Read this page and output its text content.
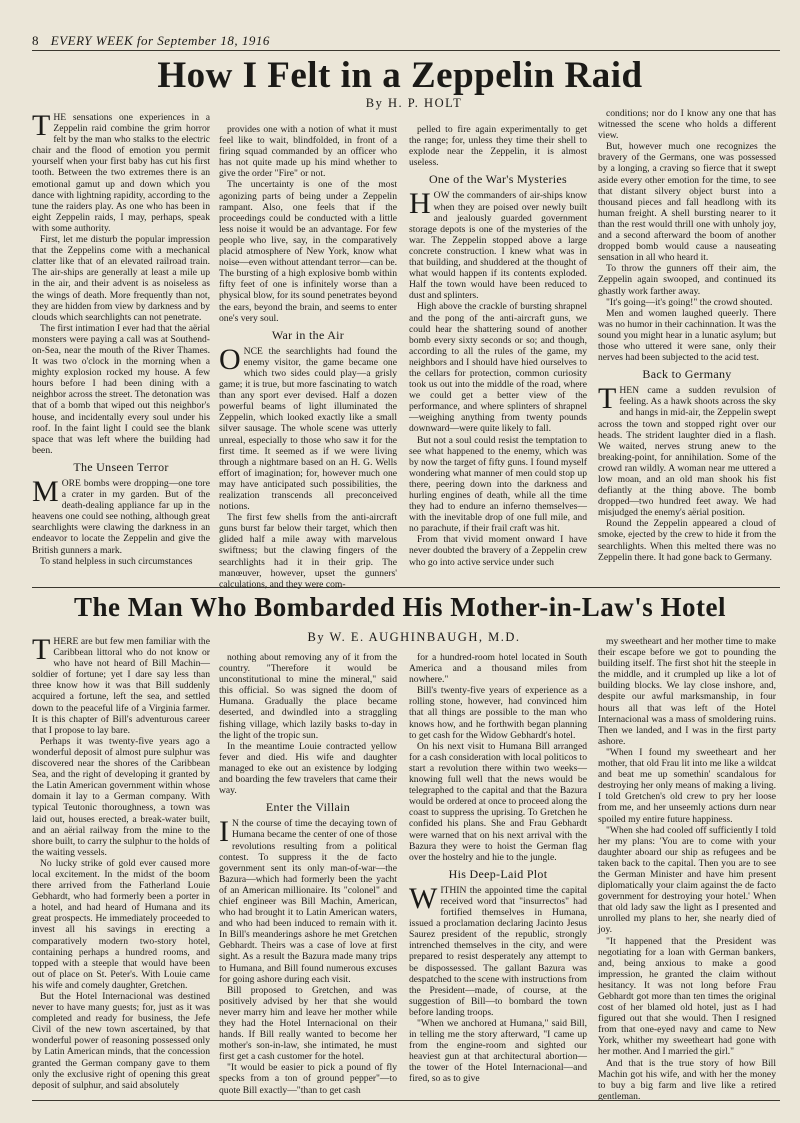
8 EVERY WEEK for September 18, 1916
How I Felt in a Zeppelin Raid
By H. P. HOLT

THE sensations one experiences in a Zeppelin raid combine the grim horror felt by the man who stalks to the electric chair and the flood of emotion you permit yourself when your first baby has cut his first tooth. Between the two extremes there is an emotional gamut up and down which you dance with lightning rapidity, according to the tune the raiders play. As one who has been in eight Zeppelin raids, I may, perhaps, speak with some authority.

First, let me disturb the popular impression that the Zeppelins come with a mechanical clatter like that of an elevated railroad train. The air-ships are generally at least a mile up in the air, and their advent is as noiseless as the wings of death. More frequently than not, they are hidden from view by darkness and by clouds which searchlights can not penetrate.

The first intimation I ever had that the aërial monsters were paying a call was at Southend-on-Sea, near the mouth of the River Thames. It was two o'clock in the morning when a mighty explosion rocked my house. A few hours before I had been dining with a neighbor across the street. The detonation was that of a bomb that wiped out this neighbor's house, and incidentally every soul under his roof. In the faint light I could see the blank space that was left where the building had been.

The Unseen Terror

MORE bombs were dropping—one tore a crater in my garden. But of the death-dealing appliance far up in the heavens one could see nothing, although great searchlights were clawing the darkness in an endeavor to locate the Zeppelin and give the British gunners a mark.

To stand helpless in such circumstances

provides one with a notion of what it must feel like to wait, blindfolded, in front of a firing squad commanded by an officer who has not quite made up his mind whether to give the order "Fire" or not.

The uncertainty is one of the most agonizing parts of being under a Zeppelin rampant. Also, one feels that if the proceedings could be conducted with a little less noise it would be an advantage. For few people who live, say, in the comparatively placid atmosphere of New York, know what noise—even without attendant terror—can be. The bursting of a high explosive bomb within fifty feet of one is infinitely worse than a physical blow, for its sound penetrates beyond the ears, beyond the brain, and seems to enter one's very soul.

War in the Air

ONCE the searchlights had found the enemy visitor, the game became one which two sides could play—a grisly game; it is true, but more fascinating to watch than any sport ever devised. Half a dozen powerful beams of light illuminated the Zeppelin, which looked exactly like a small silver sausage. The whole scene was utterly unreal, especially to those who saw it for the first time. It seemed as if we were living through a nightmare based on an H. G. Wells effort of imagination; for, however much one may have anticipated such possibilities, the realization transcends all preconceived notions.

The first few shells from the anti-aircraft guns burst far below their target, which then glided half a mile away with marvelous swiftness; but the clawing fingers of the searchlights had it in their grip. The manœuver, however, upset the gunners' calculations, and they were com-

pelled to fire again experimentally to get the range; for, unless they time their shell to explode near the Zeppelin, it is almost useless.

One of the War's Mysteries

HOW the commanders of air-ships know when they are poised over newly built and jealously guarded government storage depots is one of the mysteries of the war. The Zeppelin stopped above a large concrete construction. I knew what was in that building, and shuddered at the thought of what would happen if its contents exploded. Half the town would have been reduced to dust and splinters.

High above the crackle of bursting shrapnel and the pong of the anti-aircraft guns, we could hear the shattering sound of another bomb every sixty seconds or so; and though, according to all the rules of the game, my neighbors and I should have hied ourselves to the cellars for protection, common curiosity took us out into the middle of the road, where we could get a better view of the performance, and where splinters of shrapnel—weighing anything from twenty pounds downward—were quite likely to fall.

But not a soul could resist the temptation to see what happened to the enemy, which was by now the target of fifty guns. I found myself wondering what manner of men could stop up there, peering down into the darkness and hurling engines of death, while all the time they had to endure an inferno themselves—with the inevitable drop of one full mile, and no parachute, if their frail craft was hit.

From that vivid moment onward I have never doubted the bravery of a Zeppelin crew who go into active service under such

conditions; nor do I know any one that has witnessed the scene who holds a different view.

But, however much one recognizes the bravery of the Germans, one was possessed by a longing, a craving so fierce that it swept aside every other emotion for the time, to see that distant silvery object burst into a thousand pieces and fall headlong with its human freight. A shell bursting nearer to it than the rest would thrill one with unholy joy, and a second afterward the boom of another dropped bomb would cause a nauseating sensation in all who heard it.

To throw the gunners off their aim, the Zeppelin again swooped, and continued its ghastly work farther away.

"It's going—it's going!" the crowd shouted.

Men and women laughed queerly. There was no humor in their cachinnation. It was the sound you might hear in a lunatic asylum; but those who uttered it were sane, only their nerves had been subjected to the acid test.

Back to Germany

THEN came a sudden revulsion of feeling. As a hawk shoots across the sky and hangs in mid-air, the Zeppelin swept across the town and stopped right over our heads. The strident laughter died in a flash. We waited, nerves strung anew to the breaking-point, for annihilation. Some of the crowd ran wildly. A woman near me uttered a low moan, and an old man shook his fist defiantly at the thing above. The bomb dropped—two hundred feet away. We had misjudged the enemy's aërial position.

Round the Zeppelin appeared a cloud of smoke, ejected by the crew to hide it from the searchlights. When this melted there was no Zeppelin there. It had gone back to Germany.

The Man Who Bombarded His Mother-in-Law's Hotel
By W. E. AUGHINBAUGH, M.D.

THERE are but few men familiar with the Caribbean littoral who do not know or who have not heard of Bill Machin—soldier of fortune; yet I dare say less than three know how it was that Bill suddenly acquired a fortune, left the sea, and settled down to the peaceful life of a Virginia farmer. It is this chapter of Bill's adventurous career that I propose to lay bare.

Perhaps it was twenty-five years ago a wonderful deposit of almost pure sulphur was discovered near the shores of the Caribbean Sea, and the right of developing it granted by the Latin American government within whose domain it lay to a German company. With typical Teutonic thoroughness, a town was laid out, houses erected, a break-water built, and an aërial railway from the mine to the shore built, to carry the sulphur to the holds of the waiting vessels.

No lucky strike of gold ever caused more local excitement. In the midst of the boom there arrived from the Fatherland Louie Gebhardt, who had formerly been a porter in a hotel, and had heard of Humana and its great prospects. He immediately proceeded to invest all his savings in erecting a comparatively modern two-story hotel, containing perhaps a hundred rooms, and topped with a steeple that would have been out of place on St. Peter's. With Louie came his wife and comely daughter, Gretchen.

But the Hotel Internacional was destined never to have many guests; for, just as it was completed and ready for business, the Jefe Civil of the new town ascertained, by that wonderful power of reasoning possessed only by Latin American minds, that the concession granted the German company gave to them only the exclusive right of opening this great deposit of sulphur, and said absolutely

nothing about removing any of it from the country. "Therefore it would be unconstitutional to mine the mineral," said this official. So was signed the doom of Humana. Gradually the place became deserted, and dwindled into a straggling fishing village, which lazily basks to-day in the light of the tropic sun.

In the meantime Louie contracted yellow fever and died. His wife and daughter managed to eke out an existence by lodging and boarding the few travelers that came their way.

Enter the Villain

IN the course of time the decaying town of Humana became the center of one of those revolutions resulting from a political contest. To suppress it the de facto government sent its only man-of-war—the Bazura—which had formerly been the yacht of an American millionaire. Its "colonel" and chief engineer was Bill Machin, American, who had brought it to Latin American waters, and who had been induced to remain with it. In Bill's meanderings ashore he met Gretchen Gebhardt. Theirs was a case of love at first sight. As a result the Bazura made many trips to Humana, and Bill found numerous excuses for going ashore during each visit.

Bill proposed to Gretchen, and was positively advised by her that she would never marry him and leave her mother while they had the Hotel Internacional on their hands. If Bill really wanted to become her mother's son-in-law, she intimated, he must first get a cash customer for the hotel.

"It would be easier to pick a pound of fly specks from a ton of ground pepper"—to quote Bill exactly—"than to get cash

for a hundred-room hotel located in South America and a thousand miles from nowhere."

Bill's twenty-five years of experience as a rolling stone, however, had convinced him that all things are possible to the man who knows how, and he forthwith began planning to get cash for the Widow Gebhardt's hotel.

On his next visit to Humana Bill arranged for a cash consideration with local politicos to start a revolution there within two weeks—knowing full well that the news would be telegraphed to the capital and that the Bazura would be ordered at once to proceed along the coast to suppress the uprising. To Gretchen he confided his plans. She and Frau Gebhardt were warned that on his next arrival with the Bazura they were to hoist the German flag over the hostelry and hie to the jungle.

His Deep-Laid Plot

WITHIN the appointed time the capital received word that "insurrectos" had fortified themselves in Humana, issued a proclamation declaring Jacinto Jesus Saurez president of the republic, strongly intrenched themselves in the city, and were prepared to resist desperately any attempt to be dispossessed. The gallant Bazura was despatched to the scene with instructions from the President—made, of course, at the suggestion of Bill—to bombard the town before landing troops.

"When we anchored at Humana," said Bill, in telling me the story afterward, "I came up from the engine-room and sighted our heaviest gun at that architectural abortion—the tower of the Hotel Internacional—and fired, so as to give

my sweetheart and her mother time to make their escape before we got to pounding the building itself. The first shot hit the steeple in the middle, and it crumpled up like a lot of building blocks. We lay close inshore, and, despite our awful marksmanship, in four hours all that was left of the Hotel Internacional was a mass of smoldering ruins. Then we landed, and I was in the first party ashore.

"When I found my sweetheart and her mother, that old Frau lit into me like a wildcat and beat me up somethin' scandalous for destroying her only means of making a living. I told Gretchen's old crew to pry her loose from me, and her unseemly actions durn near spoiled my entire future happiness.

"When she had cooled off sufficiently I told her my plans: 'You are to come with your daughter aboard our ship as refugees and be taken back to the capital. Then you are to see the German Minister and have him present diplomatically your claim against the de facto government for destroying your hotel.' When that old lady saw the light as I presented and unrolled my plans to her, she nearly died of joy.

"It happened that the President was negotiating for a loan with German bankers, and, being anxious to make a good impression, he granted the claim without hesitancy. It was not long before Frau Gebhardt got more than ten times the original cost of her blamed old hotel, just as I had figured out that she would. Then I resigned from that one-eyed navy and came to New York, whither my sweetheart had gone with her mother. And I married the girl."

And that is the true story of how Bill Machin got his wife, and with her the money to buy a big farm and live like a retired gentleman.
